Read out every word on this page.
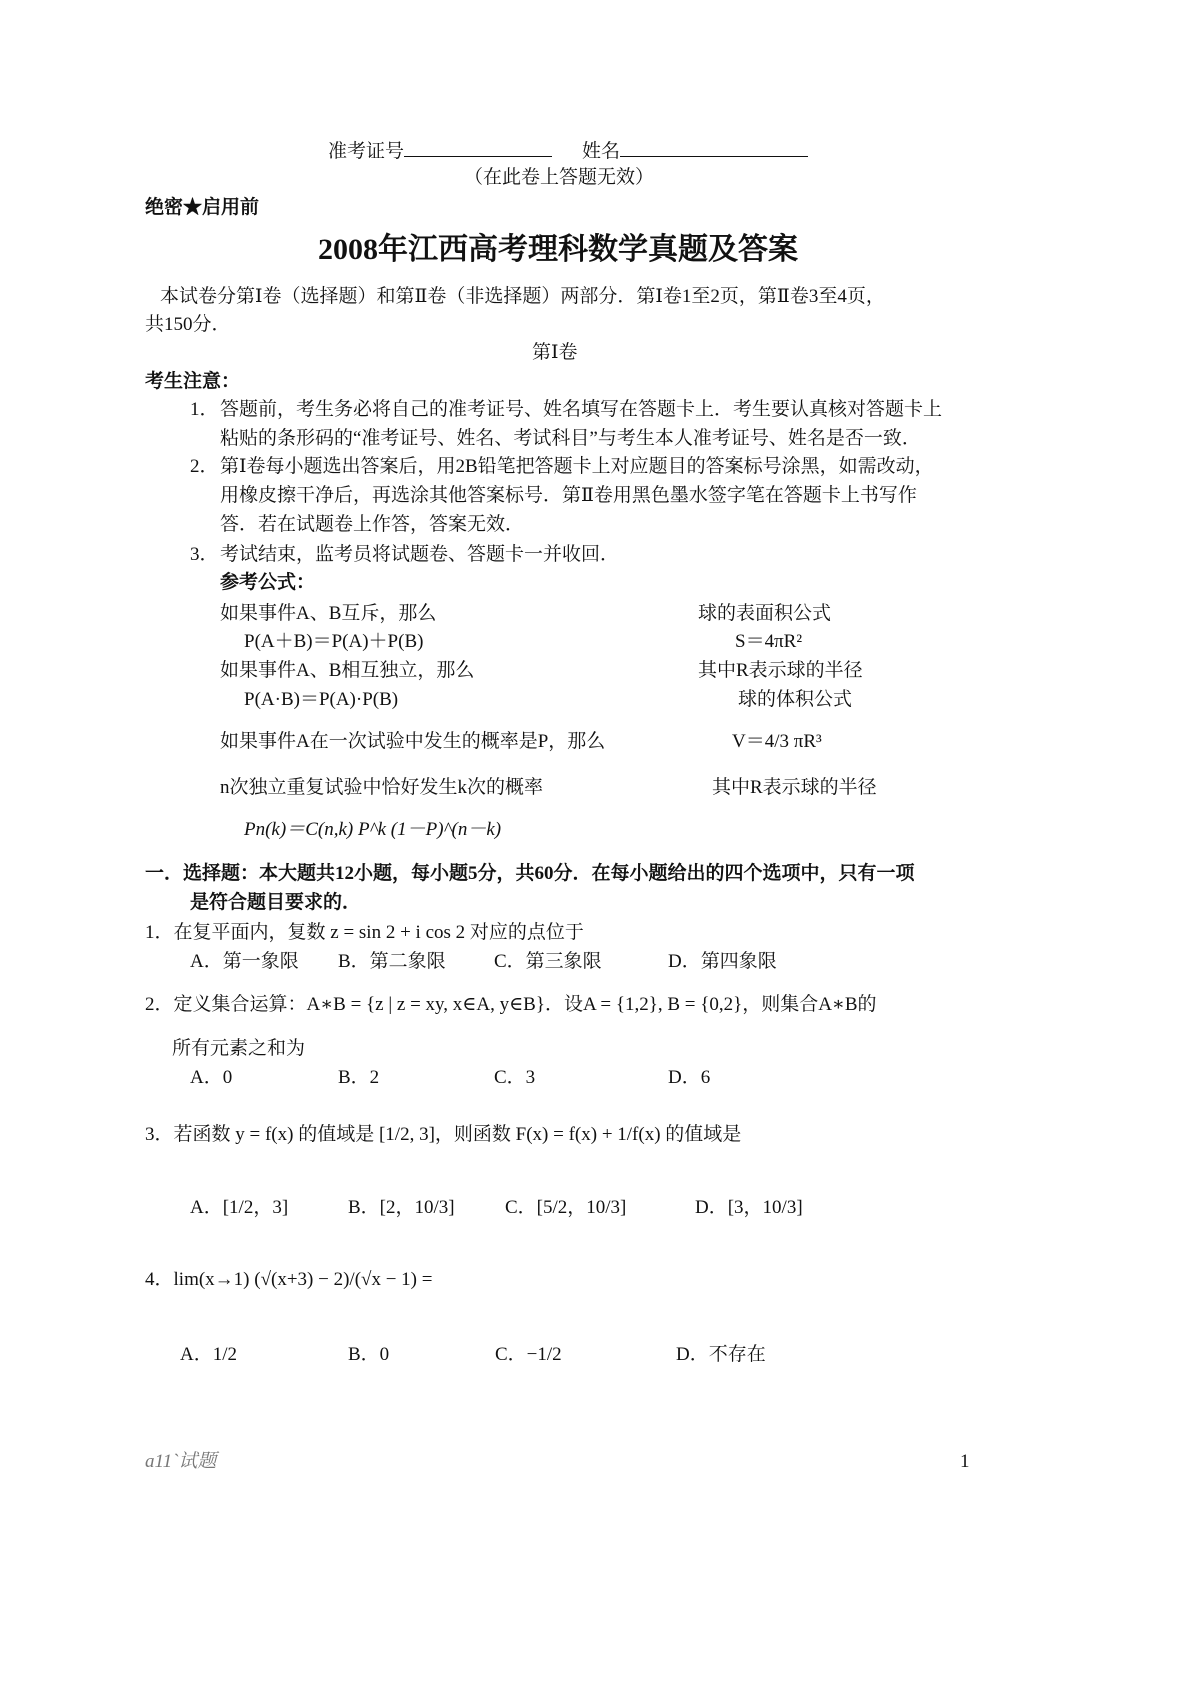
准考证号	姓名
（在此卷上答题无效）
绝密★启用前
2008年江西高考理科数学真题及答案
本试卷分第Ⅰ卷（选择题）和第Ⅱ卷（非选择题）两部分．第Ⅰ卷1至2页，第Ⅱ卷3至4页，
共150分．
第Ⅰ卷
考生注意：
1． 答题前，考生务必将自己的准考证号、姓名填写在答题卡上．考生要认真核对答题卡上
粘贴的条形码的“准考证号、姓名、考试科目”与考生本人准考证号、姓名是否一致．
2． 第Ⅰ卷每小题选出答案后，用2B铅笔把答题卡上对应题目的答案标号涂黑，如需改动，
用橡皮擦干净后，再选涂其他答案标号．第Ⅱ卷用黑色墨水签字笔在答题卡上书写作
答．若在试题卷上作答，答案无效．
3． 考试结束，监考员将试题卷、答题卡一并收回．
参考公式：
如果事件A、B互斥，那么
P(A＋B)＝P(A)＋P(B)
如果事件A、B相互独立，那么
P(A·B)＝P(A)·P(B)
如果事件A在一次试验中发生的概率是P，那么
n次独立重复试验中恰好发生k次的概率
Pn(k)＝C(n,k) P^k (1－P)^(n－k)
球的表面积公式
S＝4πR²
其中R表示球的半径
球的体积公式
V＝4/3 πR³
其中R表示球的半径
一．选择题：本大题共12小题，每小题5分，共60分．在每小题给出的四个选项中，只有一项
是符合题目要求的．
1．在复平面内，复数 z = sin 2 + i cos 2 对应的点位于
A．第一象限 B．第二象限	C．第三象限	D．第四象限
2．定义集合运算：A∗B = {z | z = xy, x∈A, y∈B}．设A = {1,2}, B = {0,2}，则集合A∗B的
所有元素之和为
A．0	B．2	C．3	D．6
3．若函数 y = f(x) 的值域是 [1/2, 3]，则函数 F(x) = f(x) + 1/f(x) 的值域是
A．[1/2，3]	B．[2，10/3]	C．[5/2，10/3]	D．[3，10/3]
4．lim(x→1) (√(x+3) − 2)/(√x − 1) =
A．1/2	B．0	C．−1/2	D．不存在
a11`试题	1
